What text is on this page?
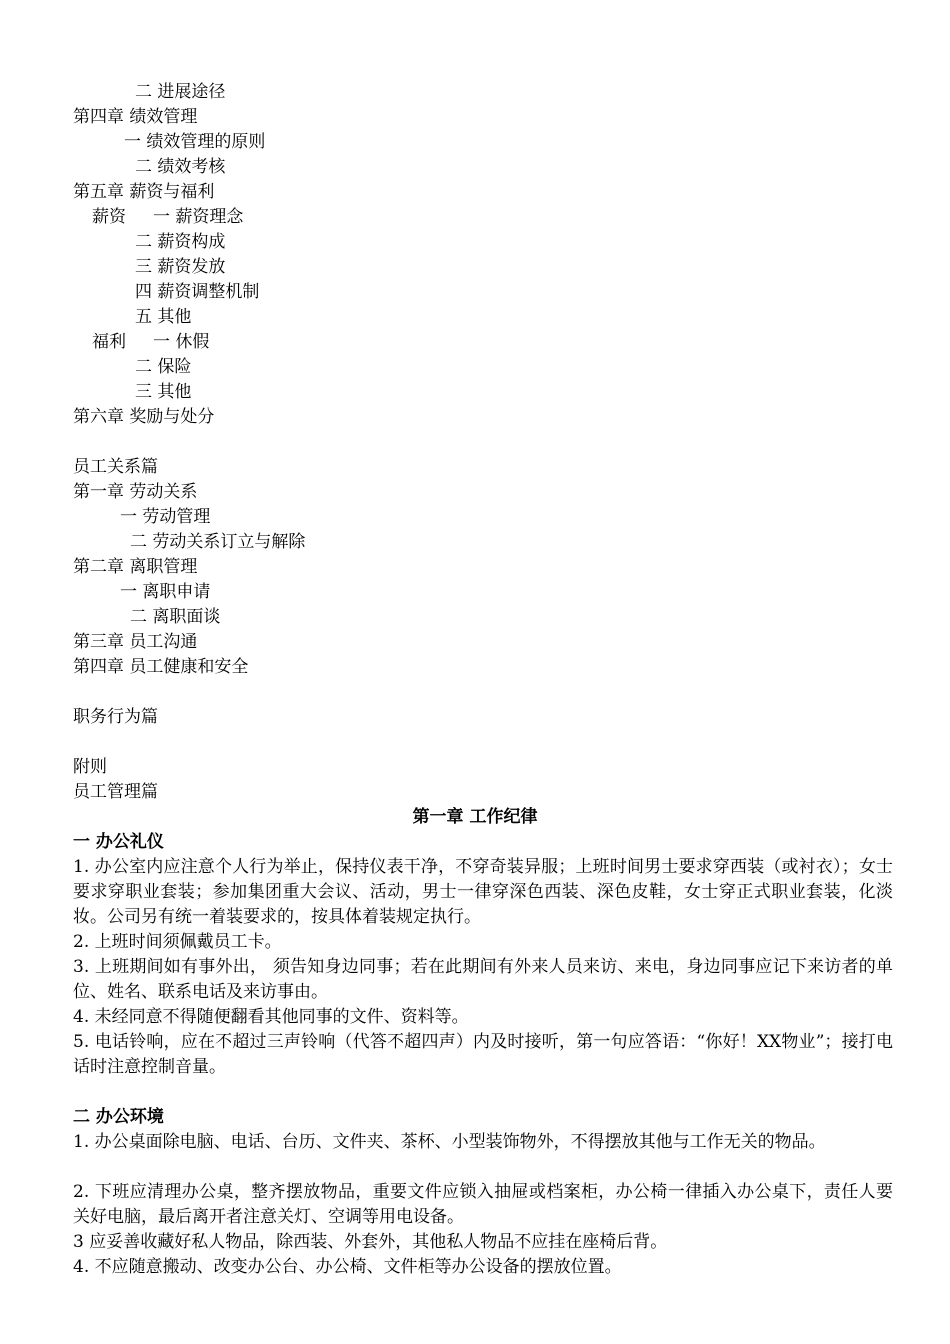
二 进展途径
第四章 绩效管理
一 绩效管理的原则
二 绩效考核
第五章 薪资与福利
薪资 一 薪资理念
二 薪资构成
三 薪资发放
四 薪资调整机制
五 其他
福利 一 休假
二 保险
三 其他
第六章 奖励与处分
员工关系篇
第一章 劳动关系
一 劳动管理
二 劳动关系订立与解除
第二章 离职管理
一 离职申请
二 离职面谈
第三章 员工沟通
第四章 员工健康和安全
职务行为篇
附则
员工管理篇
第一章 工作纪律
一 办公礼仪
1. 办公室内应注意个人行为举止，保持仪表干净，不穿奇装异服；上班时间男士要求穿西装（或衬衣）；女士要求穿职业套装；参加集团重大会议、活动，男士一律穿深色西装、深色皮鞋，女士穿正式职业套装，化淡妆。公司另有统一着装要求的，按具体着装规定执行。
2. 上班时间须佩戴员工卡。
3. 上班期间如有事外出， 须告知身边同事；若在此期间有外来人员来访、来电，身边同事应记下来访者的单位、姓名、联系电话及来访事由。
4. 未经同意不得随便翻看其他同事的文件、资料等。
5. 电话铃响，应在不超过三声铃响（代答不超四声）内及时接听，第一句应答语：“你好！XX物业”；接打电话时注意控制音量。
二 办公环境
1. 办公桌面除电脑、电话、台历、文件夹、茶杯、小型装饰物外，不得摆放其他与工作无关的物品。
2. 下班应清理办公桌，整齐摆放物品，重要文件应锁入抽屉或档案柜，办公椅一律插入办公桌下，责任人要关好电脑，最后离开者注意关灯、空调等用电设备。
3 应妥善收藏好私人物品，除西装、外套外，其他私人物品不应挂在座椅后背。
4. 不应随意搬动、改变办公台、办公椅、文件柜等办公设备的摆放位置。
